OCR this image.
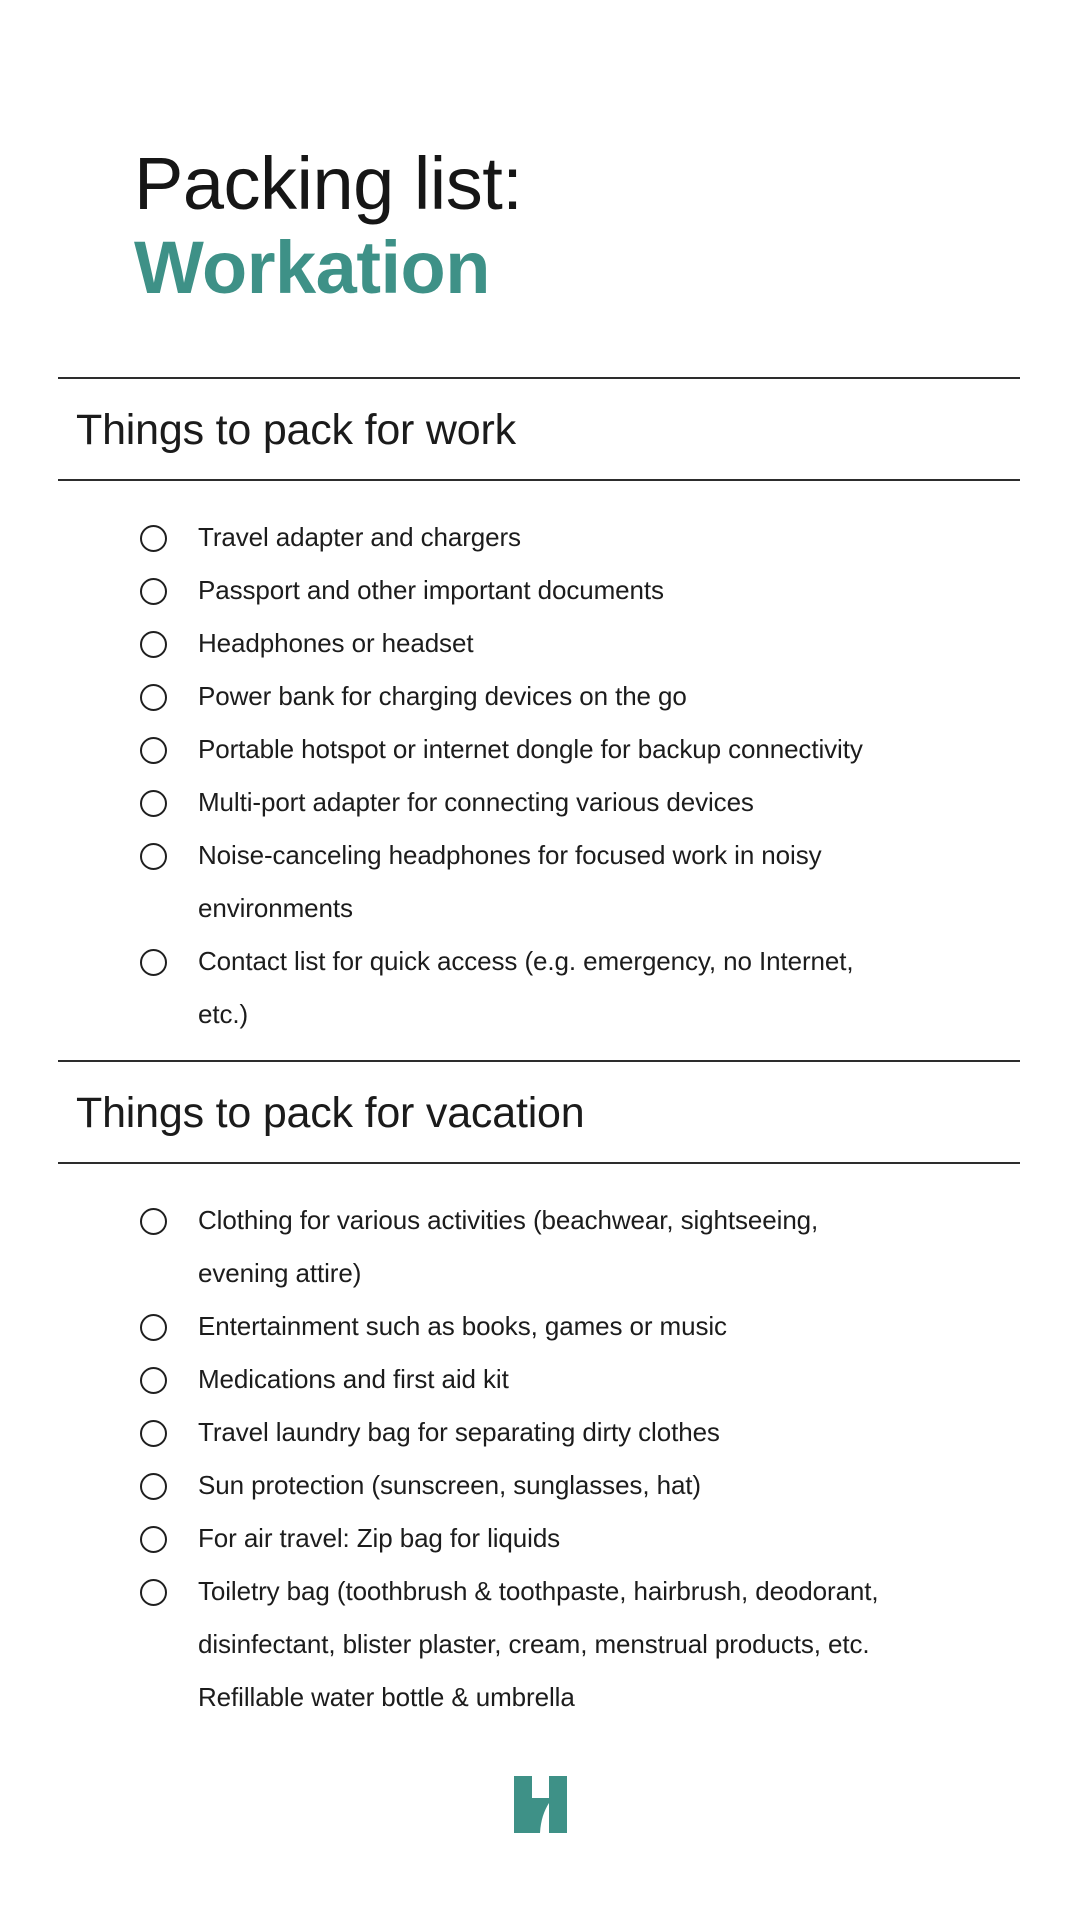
Packing list:
Workation
Things to pack for work
Travel adapter and chargers
Passport and other important documents
Headphones or headset
Power bank for charging devices on the go
Portable hotspot or internet dongle for backup connectivity
Multi-port adapter for connecting various devices
Noise-canceling headphones for focused work in noisy
environments
Contact list for quick access (e.g. emergency, no Internet,
etc.)
Things to pack for vacation
Clothing for various activities (beachwear, sightseeing,
evening attire)
Entertainment such as books, games or music
Medications and first aid kit
Travel laundry bag for separating dirty clothes
Sun protection (sunscreen, sunglasses, hat)
For air travel: Zip bag for liquids
Toiletry bag (toothbrush & toothpaste, hairbrush, deodorant,
disinfectant, blister plaster, cream, menstrual products, etc.
Refillable water bottle & umbrella
